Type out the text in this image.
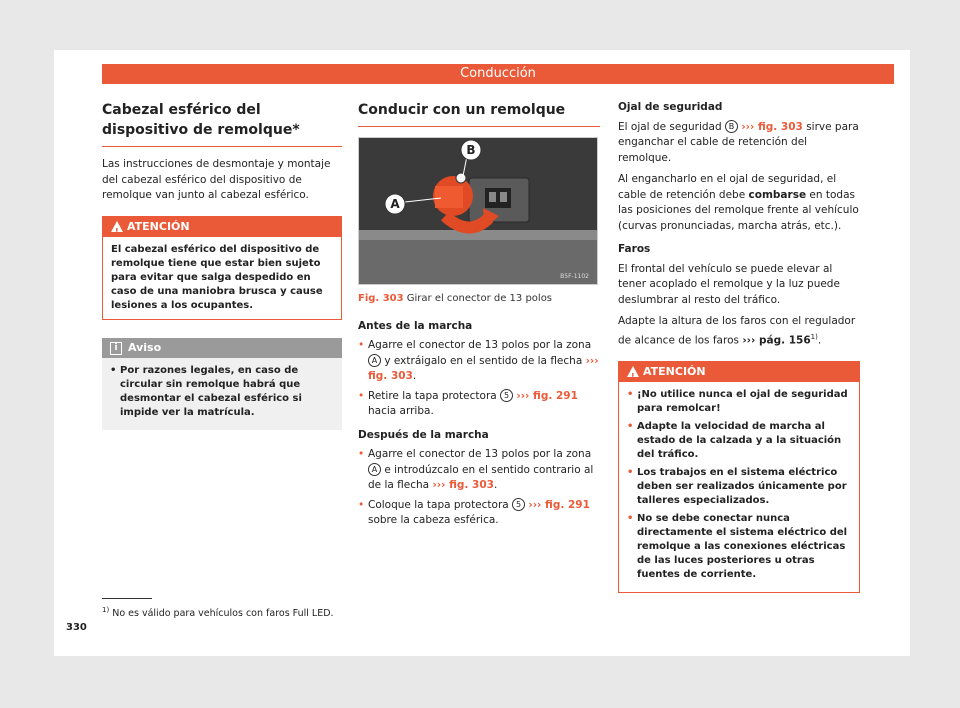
Conducción
Cabezal esférico del dispositivo de remolque*

Las instrucciones de desmontaje y montaje del cabezal esférico del dispositivo de remolque van junto al cabezal esférico.

!
ATENCIÓN
El cabezal esférico del dispositivo de remolque tiene que estar bien sujeto para evitar que salga despedido en caso de una maniobra brusca y cause lesiones a los ocupantes.
i Aviso
• Por razones legales, en caso de circular sin remolque habrá que desmontar el cabezal esférico si impide ver la matrícula.
Conducir con un remolque
A
B
B5F-1102
Fig. 303 Girar el conector de 13 polos
Antes de la marcha
• Agarre el conector de 13 polos por la zona A y extráigalo en el sentido de la flecha ››› fig. 303.
• Retire la tapa protectora 5 ››› fig. 291 hacia arriba.
Después de la marcha
• Agarre el conector de 13 polos por la zona A e introdúzcalo en el sentido contrario al de la flecha ››› fig. 303.
• Coloque la tapa protectora 5 ››› fig. 291 sobre la cabeza esférica.
Ojal de seguridad

El ojal de seguridad B ››› fig. 303 sirve para enganchar el cable de retención del remolque.

Al engancharlo en el ojal de seguridad, el cable de retención debe combarse en todas las posiciones del remolque frente al vehículo (curvas pronunciadas, marcha atrás, etc.).

Faros

El frontal del vehículo se puede elevar al tener acoplado el remolque y la luz puede deslumbrar al resto del tráfico.

Adapte la altura de los faros con el regulador de alcance de los faros ››› pág. 156$^{1)}$.

!
ATENCIÓN
• ¡No utilice nunca el ojal de seguridad para remolcar!
• Adapte la velocidad de marcha al estado de la calzada y a la situación del tráfico.
• Los trabajos en el sistema eléctrico deben ser realizados únicamente por talleres especializados.
• No se debe conectar nunca directamente el sistema eléctrico del remolque a las conexiones eléctricas de las luces posteriores u otras fuentes de corriente.
$^{1)}$ No es válido para vehículos con faros Full LED.
330
